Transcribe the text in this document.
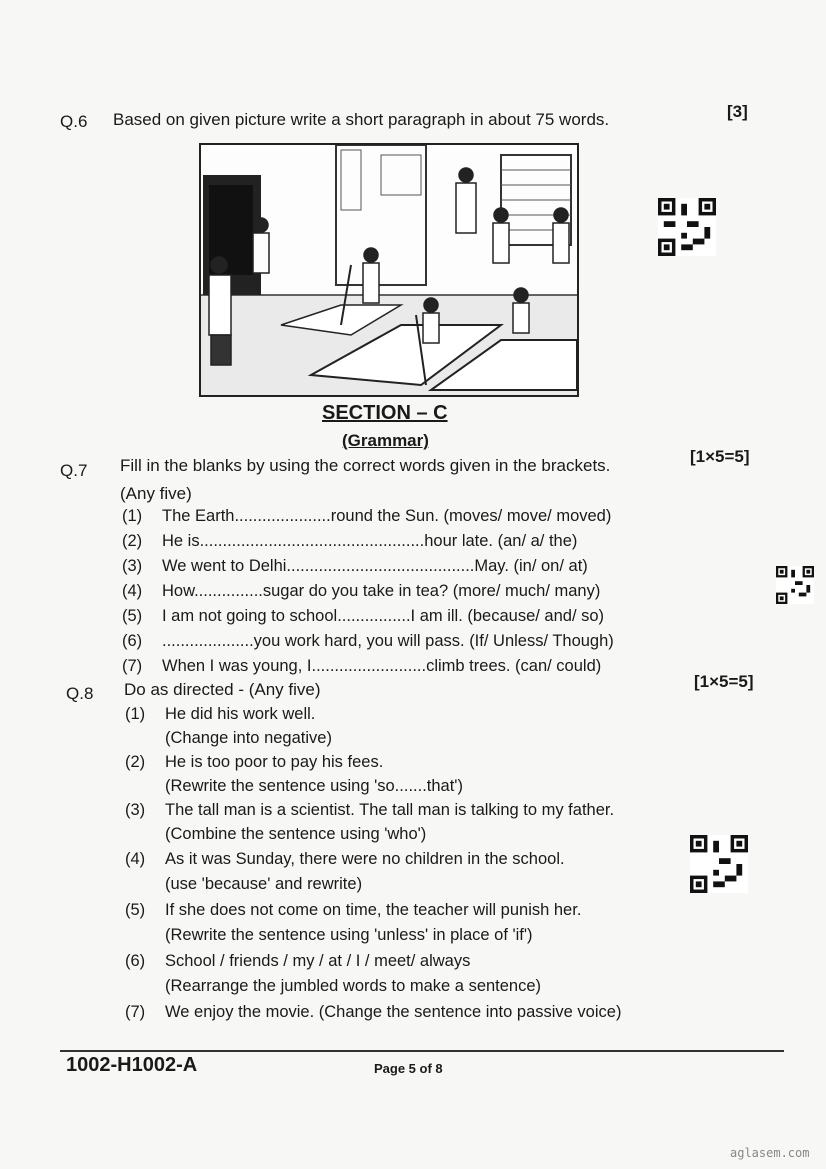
Q.6 Based on given picture write a short paragraph in about 75 words.	[3]
SECTION – C
(Grammar)
Q.7 Fill in the blanks by using the correct words given in the brackets.
(Any five)
[1×5=5]
(1) The Earth.....................round the Sun. (moves/ move/ moved)
(2) He is.................................................hour late. (an/ a/ the)
(3) We went to Delhi.........................................May. (in/ on/ at)
(4) How...............sugar do you take in tea? (more/ much/ many)
(5) I am not going to school................I am ill. (because/ and/ so)
(6) ....................you work hard, you will pass. (If/ Unless/ Though)
(7) When I was young, I.........................climb trees. (can/ could)
Q.8 Do as directed - (Any five)	[1×5=5]
(1) He did his work well.
(Change into negative)
(2) He is too poor to pay his fees.
(Rewrite the sentence using 'so.......that')
(3) The tall man is a scientist. The tall man is talking to my father.
(Combine the sentence using 'who')
(4) As it was Sunday, there were no children in the school.
(use 'because' and rewrite)
(5) If she does not come on time, the teacher will punish her.
(Rewrite the sentence using 'unless' in place of 'if')
(6) School / friends / my / at / I / meet/ always
(Rearrange the jumbled words to make a sentence)
(7) We enjoy the movie. (Change the sentence into passive voice)
1002-H1002-A	Page 5 of 8
aglasem.com
